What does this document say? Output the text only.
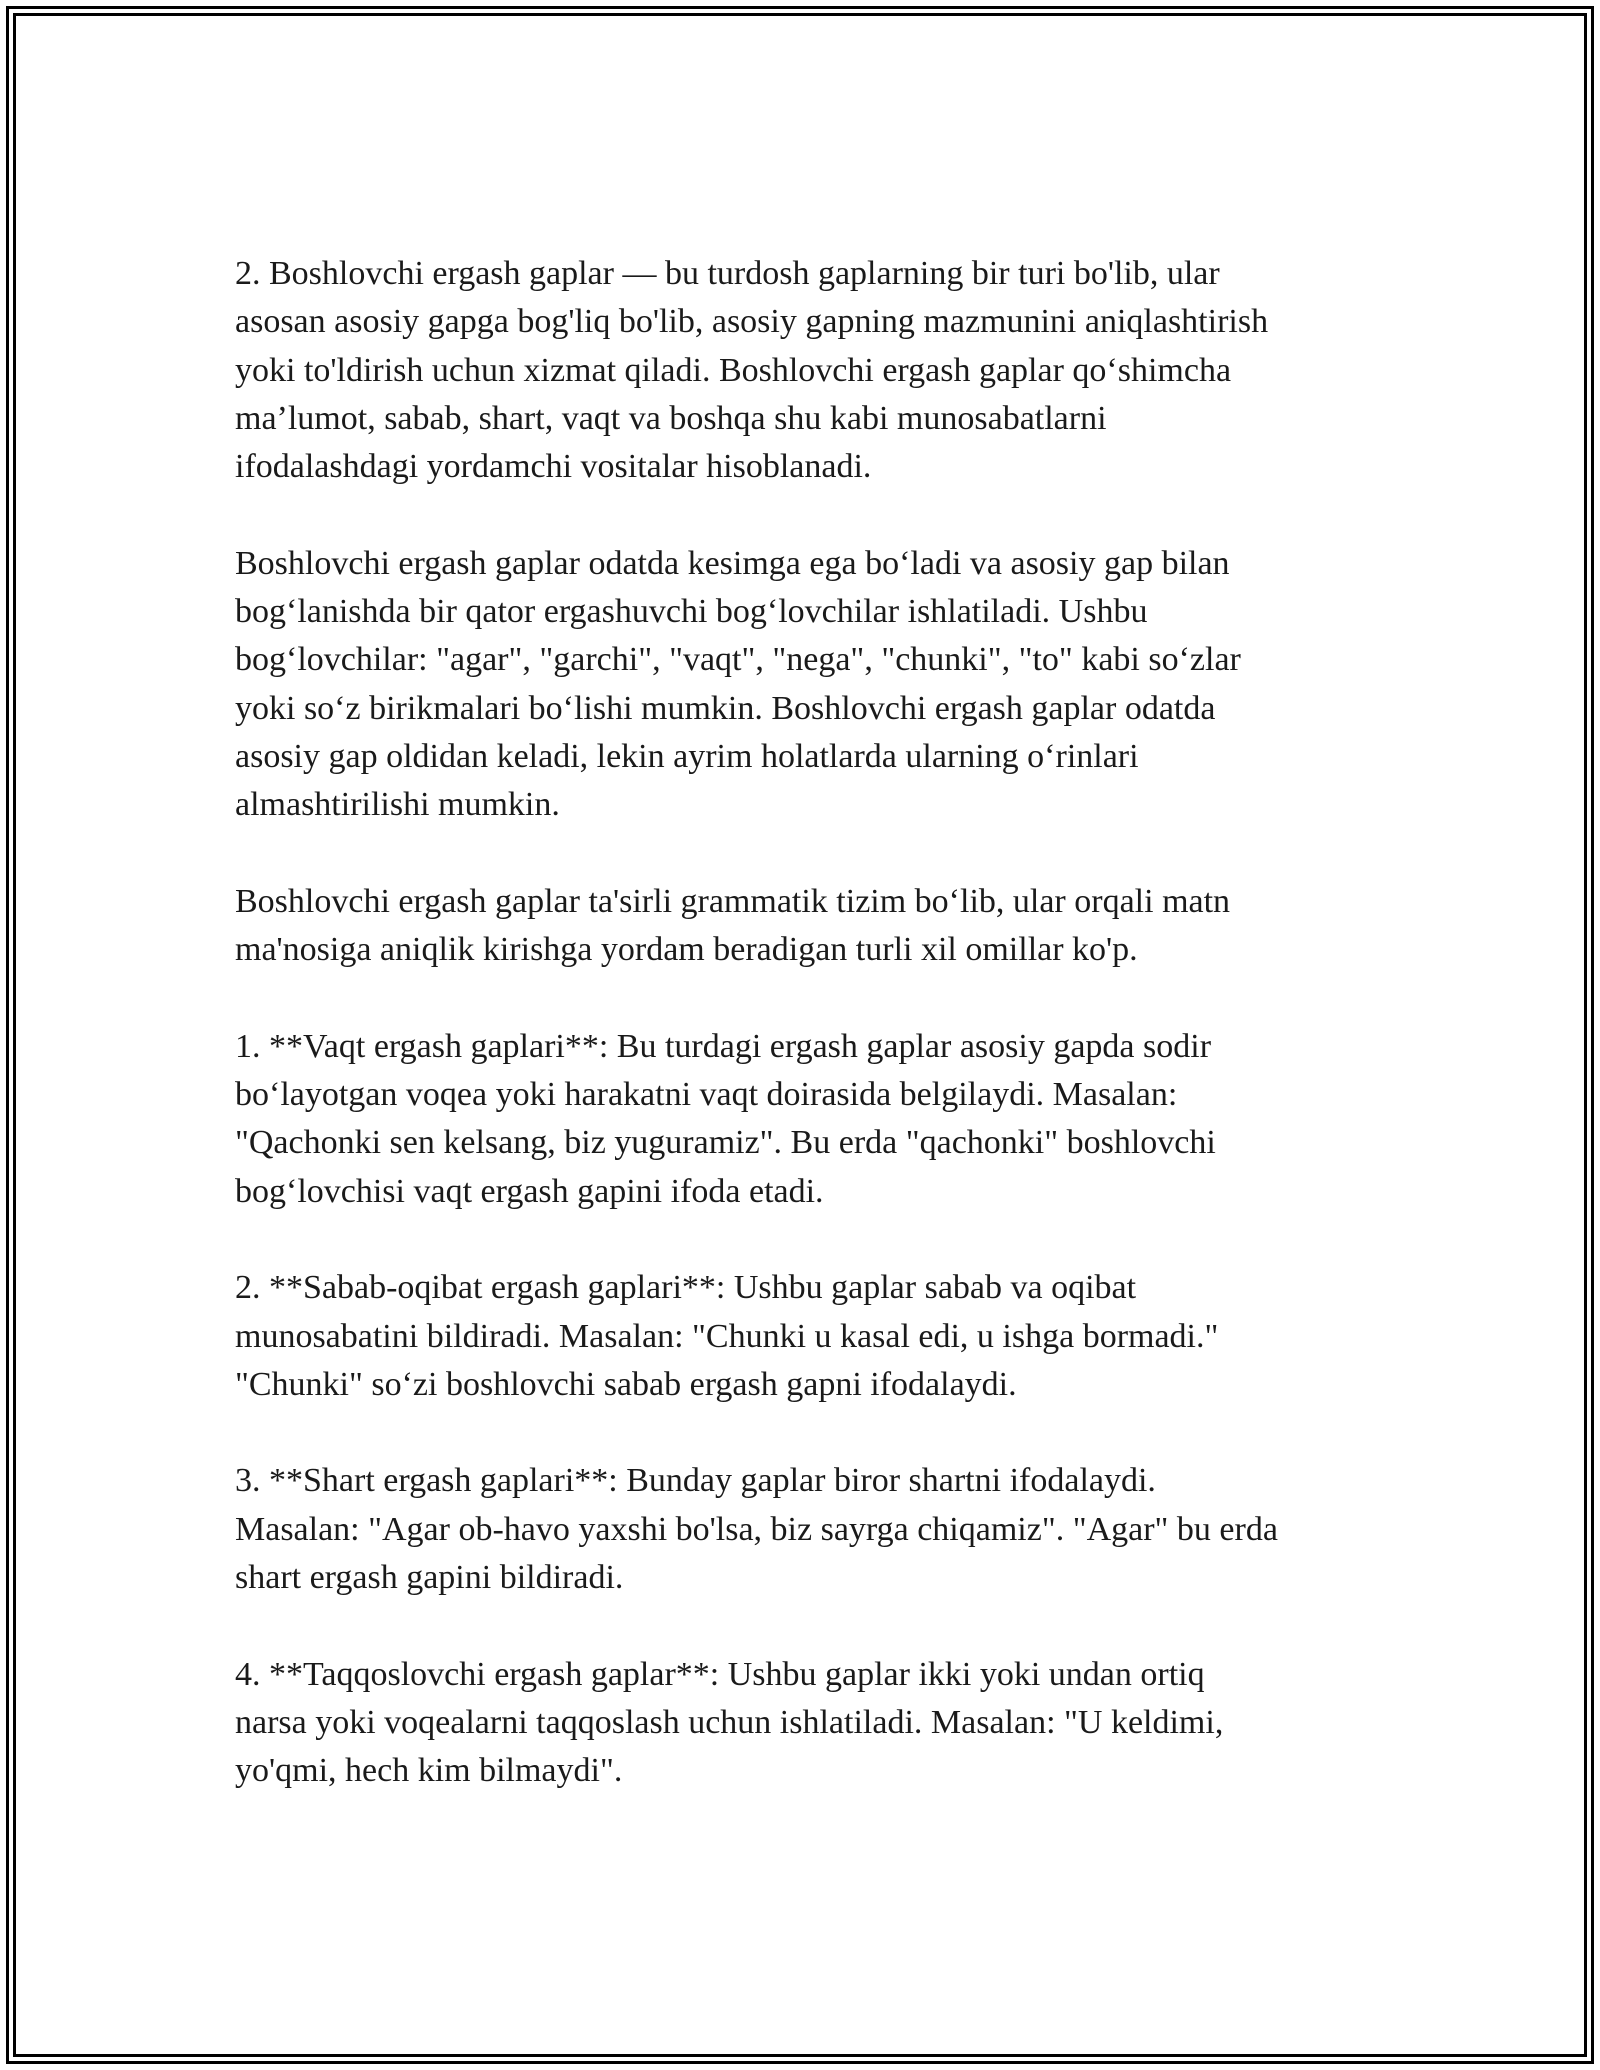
2. Boshlovchi ergash gaplar — bu turdosh gaplarning bir turi bo'lib, ular
asosan asosiy gapga bog'liq bo'lib, asosiy gapning mazmunini aniqlashtirish
yoki to'ldirish uchun xizmat qiladi. Boshlovchi ergash gaplar qo‘shimcha
ma’lumot, sabab, shart, vaqt va boshqa shu kabi munosabatlarni
ifodalashdagi yordamchi vositalar hisoblanadi.

Boshlovchi ergash gaplar odatda kesimga ega bo‘ladi va asosiy gap bilan
bog‘lanishda bir qator ergashuvchi bog‘lovchilar ishlatiladi. Ushbu
bog‘lovchilar: "agar", "garchi", "vaqt", "nega", "chunki", "to" kabi so‘zlar
yoki so‘z birikmalari bo‘lishi mumkin. Boshlovchi ergash gaplar odatda
asosiy gap oldidan keladi, lekin ayrim holatlarda ularning o‘rinlari
almashtirilishi mumkin.

Boshlovchi ergash gaplar ta'sirli grammatik tizim bo‘lib, ular orqali matn
ma'nosiga aniqlik kirishga yordam beradigan turli xil omillar ko'p.

1. **Vaqt ergash gaplari**: Bu turdagi ergash gaplar asosiy gapda sodir
bo‘layotgan voqea yoki harakatni vaqt doirasida belgilaydi. Masalan:
"Qachonki sen kelsang, biz yuguramiz". Bu erda "qachonki" boshlovchi
bog‘lovchisi vaqt ergash gapini ifoda etadi.

2. **Sabab-oqibat ergash gaplari**: Ushbu gaplar sabab va oqibat
munosabatini bildiradi. Masalan: "Chunki u kasal edi, u ishga bormadi."
"Chunki" so‘zi boshlovchi sabab ergash gapni ifodalaydi.

3. **Shart ergash gaplari**: Bunday gaplar biror shartni ifodalaydi.
Masalan: "Agar ob-havo yaxshi bo'lsa, biz sayrga chiqamiz". "Agar" bu erda
shart ergash gapini bildiradi.

4. **Taqqoslovchi ergash gaplar**: Ushbu gaplar ikki yoki undan ortiq
narsa yoki voqealarni taqqoslash uchun ishlatiladi. Masalan: "U keldimi,
yo'qmi, hech kim bilmaydi".
